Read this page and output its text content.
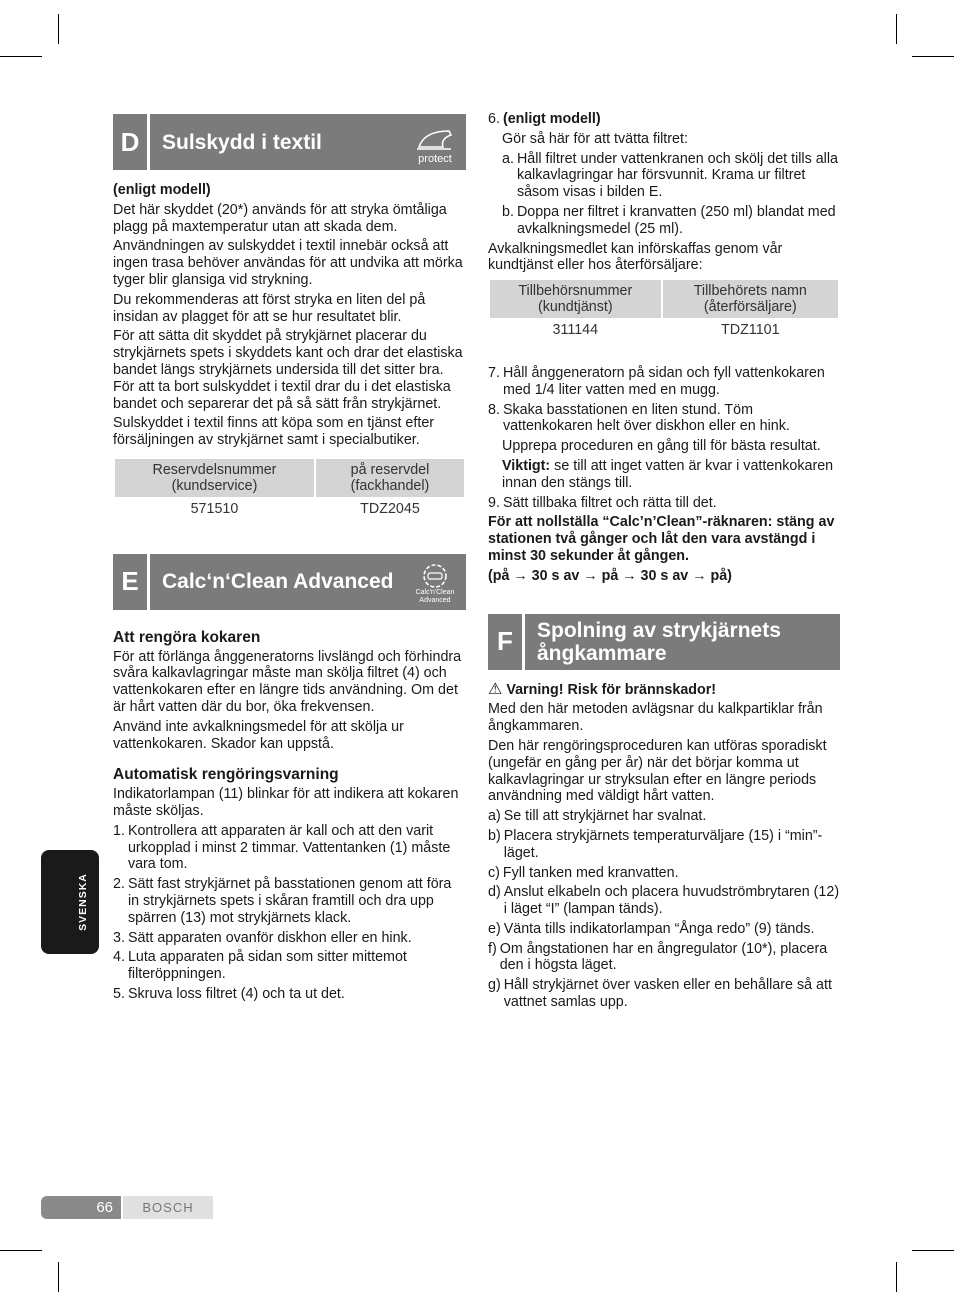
D	Sulskydd i textil
protect

(enligt modell)

Det här skyddet (20*) används för att stryka ömtåliga plagg på maxtemperatur utan att skada dem.

Användningen av sulskyddet i textil innebär också att ingen trasa behöver användas för att undvika att mörka tyger blir glansiga vid strykning.

Du rekommenderas att först stryka en liten del på insidan av plagget för att se hur resultatet blir.

För att sätta dit skyddet på strykjärnet placerar du strykjärnets spets i skyddets kant och drar det elastiska bandet längs strykjärnets undersida till det sitter bra. För att ta bort sulskyddet i textil drar du i det elastiska bandet och separerar det på så sätt från strykjärnet.

Sulskyddet i textil finns att köpa som en tjänst efter försäljningen av strykjärnet samt i specialbutiker.

Reservdelsnummer (kundservice)	på reservdel (fackhandel)
571510	TDZ2045
E	Calc‘n‘Clean Advanced	Calc'n'Clean Advanced
Att rengöra kokaren

För att förlänga ånggeneratorns livslängd och förhindra svåra kalkavlagringar måste man skölja filtret (4) och vattenkokaren efter en längre tids användning. Om det är hårt vatten där du bor, öka frekvensen.

Använd inte avkalkningsmedel för att skölja ur vattenkokaren. Skador kan uppstå.

Automatisk rengöringsvarning

Indikatorlampan (11) blinkar för att indikera att kokaren måste sköljas.

1. Kontrollera att apparaten är kall och att den varit urkopplad i minst 2 timmar. Vattentanken (1) måste vara tom.
2. Sätt fast strykjärnet på basstationen genom att föra in strykjärnets spets i skåran framtill och dra upp spärren (13) mot strykjärnets klack.
3. Sätt apparaten ovanför diskhon eller en hink.
4. Luta apparaten på sidan som sitter mittemot filteröppningen.
5. Skruva loss filtret (4) och ta ut det.
6. (enligt modell)

Gör så här för att tvätta filtret:

a. Håll filtret under vattenkranen och skölj det tills alla kalkavlagringar har försvunnit. Krama ur filtret såsom visas i bilden E.
b. Doppa ner filtret i kranvatten (250 ml) blandat med avkalkningsmedel (25 ml).

Avkalkningsmedlet kan införskaffas genom vår kundtjänst eller hos återförsäljare:

Tillbehörsnummer (kundtjänst)	Tillbehörets namn (återförsäljare)
311144	TDZ1101
7. Håll ånggeneratorn på sidan och fyll vattenkokaren med 1/4 liter vatten med en mugg.
8. Skaka basstationen en liten stund. Töm vattenkokaren helt över diskhon eller en hink.

Upprepa proceduren en gång till för bästa resultat.

Viktigt: se till att inget vatten är kvar i vattenkokaren innan den stängs till.

9. Sätt tillbaka filtret och rätta till det.

För att nollställa “Calc’n’Clean”-räknaren: stäng av stationen två gånger och låt den vara avstängd i minst 30 sekunder åt gången.

(på → 30 s av → på → 30 s av → på)

F	Spolning av strykjärnets ångkammare

⚠ Varning! Risk för brännskador!

Med den här metoden avlägsnar du kalkpartiklar från ångkammaren.

Den här rengöringsproceduren kan utföras sporadiskt (ungefär en gång per år) när det börjar komma ut kalkavlagringar ur stryksulan efter en längre periods användning med väldigt hårt vatten.

a) Se till att strykjärnet har svalnat.
b) Placera strykjärnets temperaturväljare (15) i “min”-läget.
c) Fyll tanken med kranvatten.
d) Anslut elkabeln och placera huvudströmbrytaren (12) i läget “I” (lampan tänds).
e) Vänta tills indikatorlampan “Ånga redo” (9) tänds.
f) Om ångstationen har en ångregulator (10*), placera den i högsta läget.
g) Håll strykjärnet över vasken eller en behållare så att vattnet samlas upp.
SVENSKA
66	BOSCH
